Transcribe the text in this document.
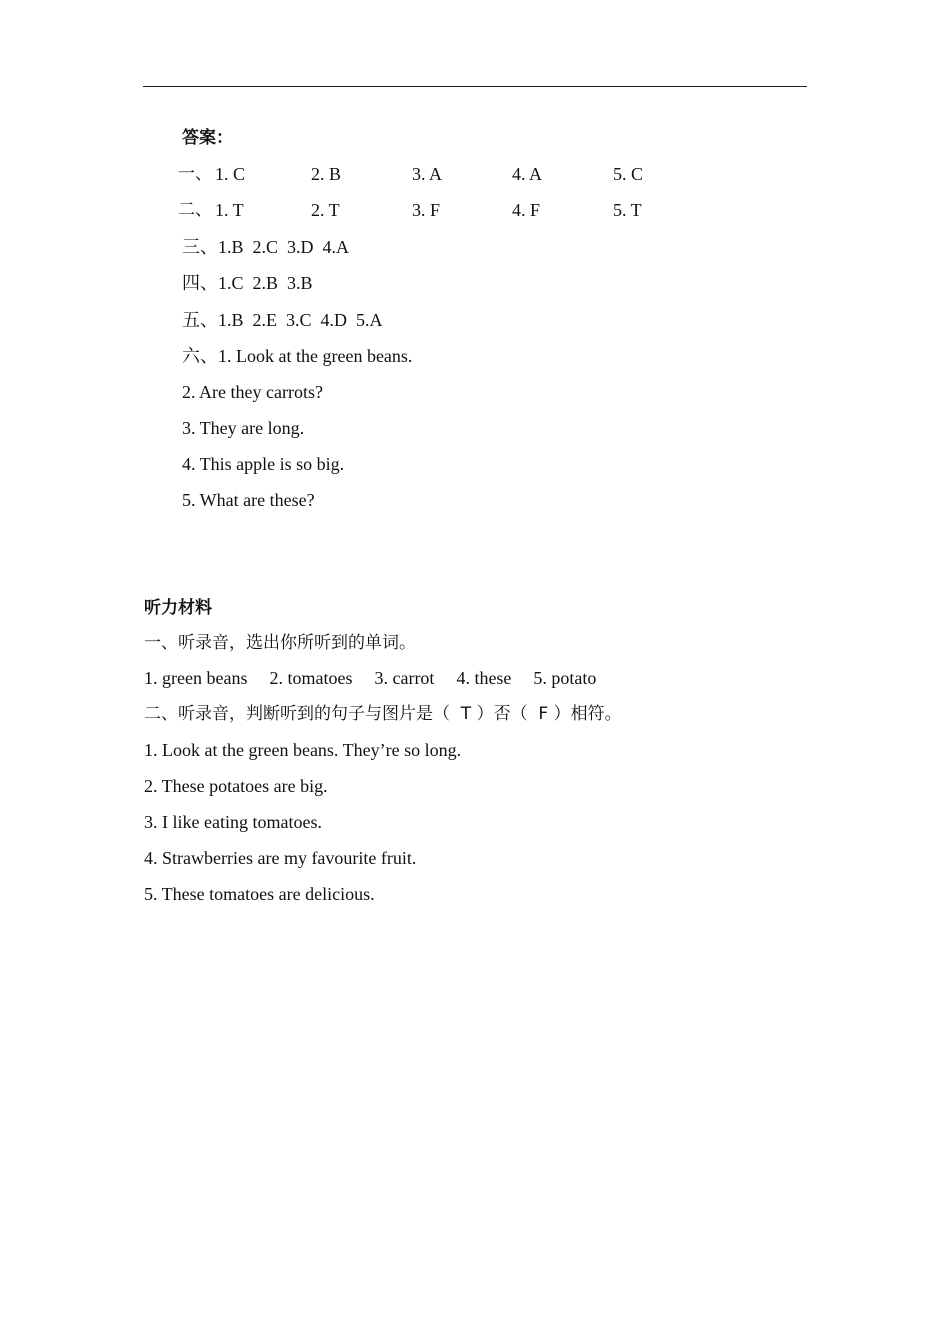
答案：
一、 1. C	2. B	3. A	4. A	5. C
二、 1. T	2. T	3. F	4. F	5. T
三、1.B  2.C  3.D  4.A
四、1.C  2.B  3.B
五、1.B  2.E  3.C  4.D  5.A
六、1. Look at the green beans.
2. Are they carrots?
3. They are long.
4. This apple is so big.
5. What are these?
听力材料
一、听录音，选出你所听到的单词。
1. green beans 2. tomatoes 3. carrot 4. these 5. potato
二、听录音，判断听到的句子与图片是（  T ）否（  F ）相符。
1. Look at the green beans. They’re so long.
2. These potatoes are big.
3. I like eating tomatoes.
4. Strawberries are my favourite fruit.
5. These tomatoes are delicious.
